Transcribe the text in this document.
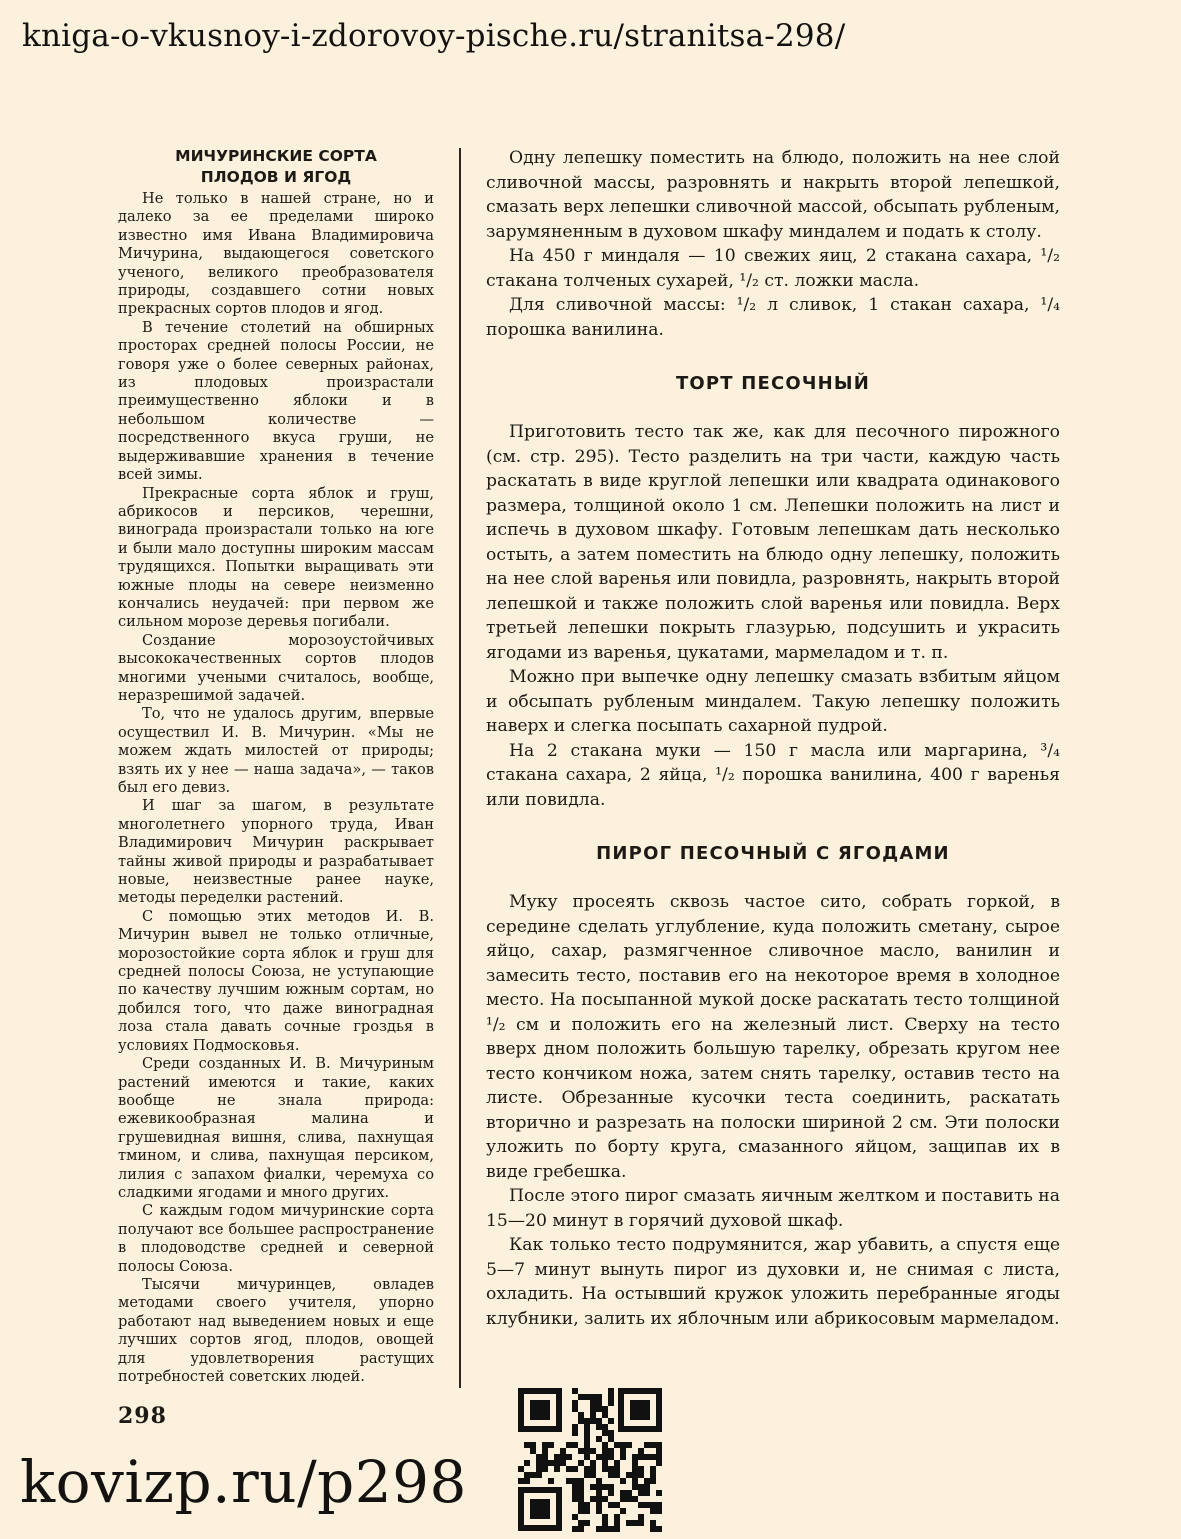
kniga-o-vkusnoy-i-zdorovoy-pische.ru/stranitsa-298/
МИЧУРИНСКИЕ СОРТА
ПЛОДОВ И ЯГОД

Не только в нашей стране, но и далеко за ее пределами широко известно имя Ивана Владимировича Мичурина, выдающегося советского ученого, великого преобразователя природы, создавшего сотни новых прекрасных сортов плодов и ягод.

В течение столетий на обширных просторах средней полосы России, не говоря уже о более северных районах, из плодовых произрастали преимущественно яблоки и в небольшом количестве — посредственного вкуса груши, не выдерживавшие хранения в течение всей зимы.

Прекрасные сорта яблок и груш, абрикосов и персиков, черешни, винограда произрастали только на юге и были мало доступны широким массам трудящихся. Попытки выращивать эти южные плоды на севере неизменно кончались неудачей: при первом же сильном морозе деревья погибали.

Создание морозоустойчивых высококачественных сортов плодов многими учеными считалось, вообще, неразрешимой задачей.

То, что не удалось другим, впервые осуществил И. В. Мичурин. «Мы не можем ждать милостей от природы; взять их у нее — наша задача», — таков был его девиз.

И шаг за шагом, в результате многолетнего упорного труда, Иван Владимирович Мичурин раскрывает тайны живой природы и разрабатывает новые, неизвестные ранее науке, методы переделки растений.

С помощью этих методов И. В. Мичурин вывел не только отличные, морозостойкие сорта яблок и груш для средней полосы Союза, не уступающие по качеству лучшим южным сортам, но добился того, что даже виноградная лоза стала давать сочные гроздья в условиях Подмосковья.

Среди созданных И. В. Мичуриным растений имеются и такие, каких вообще не знала природа: ежевикообразная малина и грушевидная вишня, слива, пахнущая тмином, и слива, пахнущая персиком, лилия с запахом фиалки, черемуха со сладкими ягодами и много других.

С каждым годом мичуринские сорта получают все большее распространение в плодоводстве средней и северной полосы Союза.

Тысячи мичуринцев, овладев методами своего учителя, упорно работают над выведением новых и еще лучших сортов ягод, плодов, овощей для удовлетворения растущих потребностей советских людей.

Одну лепешку поместить на блюдо, положить на нее слой сливочной массы, разровнять и накрыть второй лепешкой, смазать верх лепешки сливочной массой, обсыпать рубленым, зарумяненным в духовом шкафу миндалем и подать к столу.

На 450 г миндаля — 10 свежих яиц, 2 стакана сахара, ¹/₂ стакана толченых сухарей, ¹/₂ ст. ложки масла.

Для сливочной массы: ¹/₂ л сливок, 1 стакан сахара, ¹/₄ порошка ванилина.

ТОРТ ПЕСОЧНЫЙ

Приготовить тесто так же, как для песочного пирожного (см. стр. 295). Тесто разделить на три части, каждую часть раскатать в виде круглой лепешки или квадрата одинакового размера, толщиной около 1 см. Лепешки положить на лист и испечь в духовом шкафу. Готовым лепешкам дать несколько остыть, а затем поместить на блюдо одну лепешку, положить на нее слой варенья или повидла, разровнять, накрыть второй лепешкой и также положить слой варенья или повидла. Верх третьей лепешки покрыть глазурью, подсушить и украсить ягодами из варенья, цукатами, мармеладом и т. п.

Можно при выпечке одну лепешку смазать взбитым яйцом и обсыпать рубленым миндалем. Такую лепешку положить наверх и слегка посыпать сахарной пудрой.

На 2 стакана муки — 150 г масла или маргарина, ³/₄ стакана сахара, 2 яйца, ¹/₂ порошка ванилина, 400 г варенья или повидла.

ПИРОГ ПЕСОЧНЫЙ С ЯГОДАМИ

Муку просеять сквозь частое сито, собрать горкой, в середине сделать углубление, куда положить сметану, сырое яйцо, сахар, размягченное сливочное масло, ванилин и замесить тесто, поставив его на некоторое время в холодное место. На посыпанной мукой доске раскатать тесто толщиной ¹/₂ см и положить его на железный лист. Сверху на тесто вверх дном положить большую тарелку, обрезать кругом нее тесто кончиком ножа, затем снять тарелку, оставив тесто на листе. Обрезанные кусочки теста соединить, раскатать вторично и разрезать на полоски шириной 2 см. Эти полоски уложить по борту круга, смазанного яйцом, защипав их в виде гребешка.

После этого пирог смазать яичным желтком и поставить на 15—20 минут в горячий духовой шкаф.

Как только тесто подрумянится, жар убавить, а спустя еще 5—7 минут вынуть пирог из духовки и, не снимая с листа, охладить. На остывший кружок уложить перебранные ягоды клубники, залить их яблочным или абрикосовым мармеладом.

298
kovizp.ru/p298
